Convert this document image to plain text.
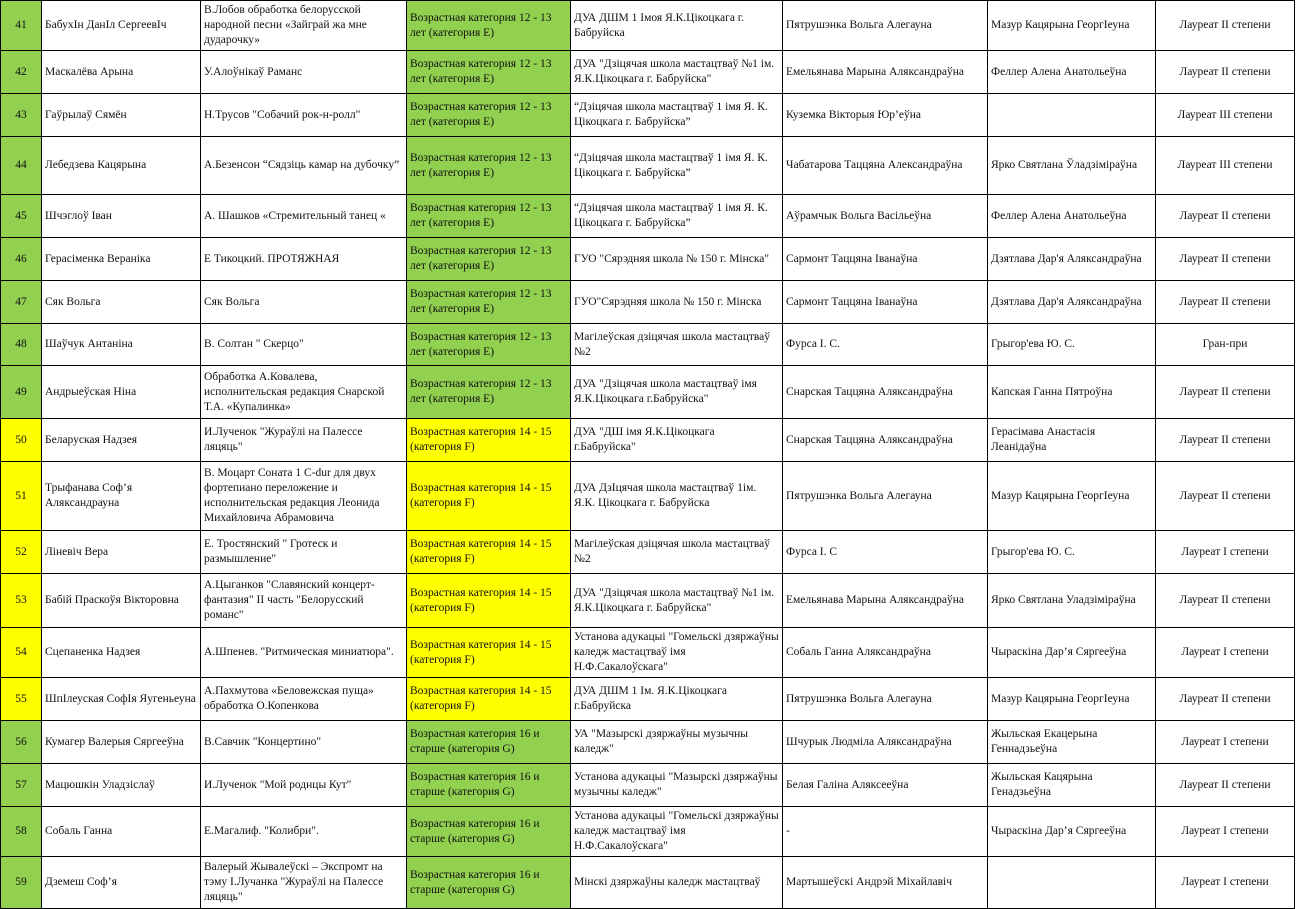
41	БабухIн ДанIл СергеевIч	В.Лобов обработка белорусской народной песни «Зайграй жа мне дударочку»	Возрастная категория 12 - 13 лет (категория E)	ДУА ДШМ 1 Імоя Я.К.Цікоцкага г. Бабруйска	Пятрушэнка Вольга Алегауна	Мазур Кацярына ГеоргIеуна	Лауреат II степени
42	Маскалёва Арына	У.Алоўнікаў Раманс	Возрастная категория 12 - 13 лет (категория E)	ДУА "Дзіцячая школа мастацтваў №1 ім. Я.К.Цікоцкага г. Бабруйска"	Емельянава Марына Аляксандраўна	Феллер Алена Анатольеўна	Лауреат II степени
43	Гаўрылаў Сямён	Н.Трусов "Собачий рок-н-ролл"	Возрастная категория 12 - 13 лет (категория E)	“Дзіцячая школа мастацтваў 1 імя Я. К. Цікоцкага г. Бабруйска”	Куземка Вікторыя Юр’еўна		Лауреат III степени
44	Лебедзева Кацярына	А.Безенсон “Сядзіць камар на дубочку”	Возрастная категория 12 - 13 лет (категория E)	“Дзіцячая школа мастацтваў 1 імя Я. К. Цікоцкага г. Бабруйска”	Чабатарова Таццяна Александраўна	Ярко Святлана Ўладзіміраўна	Лауреат III степени
45	Шчэглоў Іван	А. Шашков «Стремительный танец «	Возрастная категория 12 - 13 лет (категория E)	“Дзіцячая школа мастацтваў 1 імя Я. К. Цікоцкага г. Бабруйска”	Аўрамчык Вольга Васільеўна	Феллер Алена Анатольеўна	Лауреат II степени
46	Герасіменка Вераніка	Е Тикоцкий. ПРОТЯЖНАЯ	Возрастная категория 12 - 13 лет (категория E)	ГУО "Сярэдняя школа № 150 г. Мінска"	Сармонт Таццяна Іванаўна	Дзятлава Дар'я Аляксандраўна	Лауреат II степени
47	Сяк Вольга	Сяк Вольга	Возрастная категория 12 - 13 лет (категория E)	ГУО"Сярэдняя школа № 150 г. Мінска	Сармонт Таццяна Іванаўна	Дзятлава Дар'я Аляксандраўна	Лауреат II степени
48	Шаўчук Антаніна	В. Солтан " Скерцо"	Возрастная категория 12 - 13 лет (категория E)	Магілеўская дзіцячая школа мастацтваў №2	Фурса І. С.	Грыгор'ева Ю. С.	Гран-при
49	Андрыеўская Ніна	Обработка А.Ковалева, исполнительская редакция Снарской Т.А. «Купалинка»	Возрастная категория 12 - 13 лет (категория E)	ДУА "Дзіцячая школа мастацтваў імя Я.К.Цікоцкага г.Бабруйска"	Снарская Таццяна Аляксандраўна	Капская Ганна Пятроўна	Лауреат II степени
50	Беларуская Надзея	И.Лученок "Жураўлі на Палессе ляцяць"	Возрастная категория 14 - 15 (категория F)	ДУА "ДШ імя Я.К.Цікоцкага г.Бабруйска"	Снарская Таццяна Аляксандраўна	Герасімава Анастасія Леанідаўна	Лауреат II степени
51	Трыфанава Соф’я Аляксандрауна	В. Моцарт Соната 1 C-dur для двух фортепиано переложение и исполнительская редакция Леонида Михайловича Абрамовича	Возрастная категория 14 - 15 (категория F)	ДУА ДзIцячая школа мастацтваў 1ім. Я.К. Цікоцкага г. Бабруйска	Пятрушэнка Вольга Алегауна	Мазур Кацярына ГеоргIеуна	Лауреат II степени
52	Ліневіч Вера	Е. Тростянский " Гротеск и размышление"	Возрастная категория 14 - 15 (категория F)	Магілеўская дзіцячая школа мастацтваў №2	Фурса І. С	Грыгор'ева Ю. С.	Лауреат I степени
53	Бабій Праскоўя Вікторовна	А.Цыганков "Славянский концерт-фантазия" II часть "Белорусский романс"	Возрастная категория 14 - 15 (категория F)	ДУА "Дзіцячая школа мастацтваў №1 ім. Я.К.Цікоцкага г. Бабруйска"	Емельянава Марына Аляксандраўна	Ярко Святлана Уладзіміраўна	Лауреат II степени
54	Сцепаненка Надзея	А.Шпенев. "Ритмическая миниатюра".	Возрастная категория 14 - 15 (категория F)	Установа адукацыі "Гомельскі дзяржаўны каледж мастацтваў імя Н.Ф.Сакалоўскага"	Собаль Ганна Аляксандраўна	Чыраскіна Дар’я Сяргееўна	Лауреат I степени
55	ШпIлеуская СофIя Яугеньеуна	А.Пахмутова «Беловежская пуща» обработка О.Копенкова	Возрастная категория 14 - 15 (категория F)	ДУА ДШМ 1 Ім. Я.К.Цікоцкага г.Бабруйска	Пятрушэнка Вольга Алегауна	Мазур Кацярына ГеоргIеуна	Лауреат II степени
56	Кумагер Валерыя Сяргееўна	В.Савчик "Концертино"	Возрастная категория 16 и старше (категория G)	УА "Мазырскі дзяржаўны музычны каледж"	Шчурык Людміла Аляксандраўна	Жыльская Екацерына Геннадзьеўна	Лауреат I степени
57	Мацюшкін Уладзіслаў	И.Лученок "Мой роднцы Кут"	Возрастная категория 16 и старше (категория G)	Установа адукацыі "Мазырскі дзяржаўны музычны каледж"	Белая Галіна Аляксееўна	Жыльская Кацярына Генадзьеўна	Лауреат II степени
58	Собаль Ганна	Е.Магалиф. "Колибри".	Возрастная категория 16 и старше (категория G)	Установа адукацыі "Гомельскі дзяржаўны каледж мастацтваў імя Н.Ф.Сакалоўскага"	-	Чыраскіна Дар’я Сяргееўна	Лауреат I степени
59	Дземеш Соф’я	Валерый Жывалеўскі – Экспромт на тэму І.Лучанка "Жураўлі на Палессе ляцяць"	Возрастная категория 16 и старше (категория G)	Мінскі дзяржаўны каледж мастацтваў	Мартышеўскі Андрэй Міхайлавіч		Лауреат I степени
